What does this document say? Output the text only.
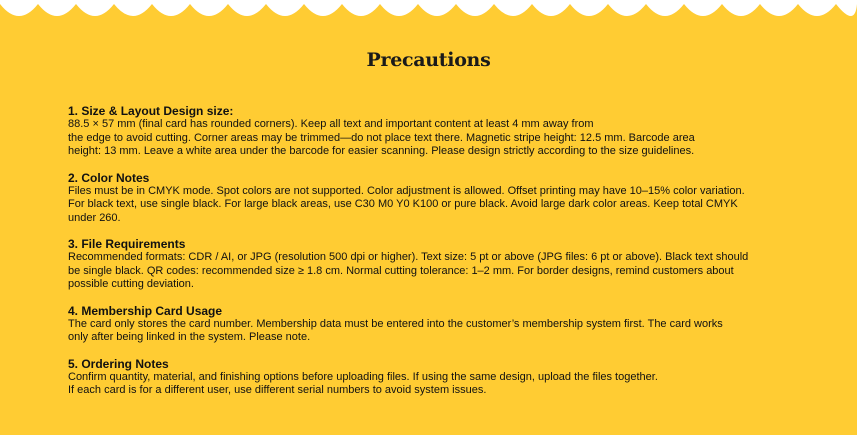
Precautions
1. Size & Layout Design size:
88.5 × 57 mm (final card has rounded corners). Keep all text and important content at least 4 mm away from
the edge to avoid cutting. Corner areas may be trimmed—do not place text there. Magnetic stripe height: 12.5 mm. Barcode area
height: 13 mm. Leave a white area under the barcode for easier scanning. Please design strictly according to the size guidelines.
2. Color Notes
Files must be in CMYK mode. Spot colors are not supported. Color adjustment is allowed. Offset printing may have 10–15% color variation.
For black text, use single black. For large black areas, use C30 M0 Y0 K100 or pure black. Avoid large dark color areas. Keep total CMYK
under 260.
3. File Requirements
Recommended formats: CDR / AI, or JPG (resolution 500 dpi or higher). Text size: 5 pt or above (JPG files: 6 pt or above). Black text should
be single black. QR codes: recommended size ≥ 1.8 cm. Normal cutting tolerance: 1–2 mm. For border designs, remind customers about
possible cutting deviation.
4. Membership Card Usage
The card only stores the card number. Membership data must be entered into the customer’s membership system first. The card works
only after being linked in the system. Please note.
5. Ordering Notes
Confirm quantity, material, and finishing options before uploading files. If using the same design, upload the files together.
If each card is for a different user, use different serial numbers to avoid system issues.
